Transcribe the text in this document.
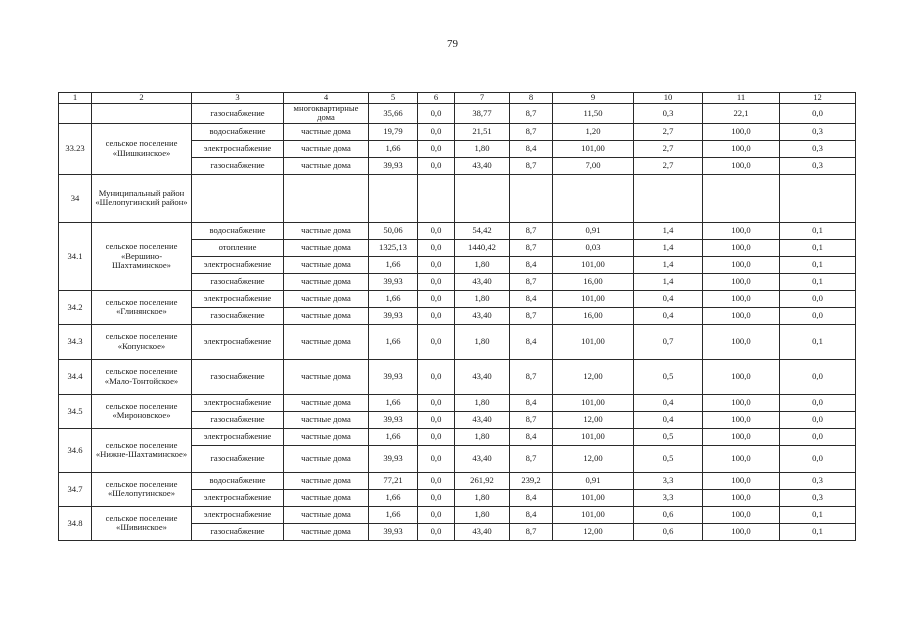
79
1	2	3	4	5	6	7	8	9	10	11	12
		газоснабжение	многоквартирные дома	35,66	0,0	38,77	8,7	11,50	0,3	22,1	0,0
33.23	сельское поселение «Шишкинское»	водоснабжение	частные дома	19,79	0,0	21,51	8,7	1,20	2,7	100,0	0,3
		электроснабжение	частные дома	1,66	0,0	1,80	8,4	101,00	2,7	100,0	0,3
		газоснабжение	частные дома	39,93	0,0	43,40	8,7	7,00	2,7	100,0	0,3
34	Муниципальный район «Шелопугинский район»										
34.1	сельское поселение «Вершино-Шахтаминское»	водоснабжение	частные дома	50,06	0,0	54,42	8,7	0,91	1,4	100,0	0,1
		отопление	частные дома	1325,13	0,0	1440,42	8,7	0,03	1,4	100,0	0,1
		электроснабжение	частные дома	1,66	0,0	1,80	8,4	101,00	1,4	100,0	0,1
		газоснабжение	частные дома	39,93	0,0	43,40	8,7	16,00	1,4	100,0	0,1
34.2	сельское поселение «Глинянское»	электроснабжение	частные дома	1,66	0,0	1,80	8,4	101,00	0,4	100,0	0,0
		газоснабжение	частные дома	39,93	0,0	43,40	8,7	16,00	0,4	100,0	0,0
34.3	сельское поселение «Копунское»	электроснабжение	частные дома	1,66	0,0	1,80	8,4	101,00	0,7	100,0	0,1
34.4	сельское поселение «Мало-Тонтойское»	газоснабжение	частные дома	39,93	0,0	43,40	8,7	12,00	0,5	100,0	0,0
34.5	сельское поселение «Мироновское»	электроснабжение	частные дома	1,66	0,0	1,80	8,4	101,00	0,4	100,0	0,0
		газоснабжение	частные дома	39,93	0,0	43,40	8,7	12,00	0,4	100,0	0,0
34.6	сельское поселение «Нижне-Шахтаминское»	электроснабжение	частные дома	1,66	0,0	1,80	8,4	101,00	0,5	100,0	0,0
		газоснабжение	частные дома	39,93	0,0	43,40	8,7	12,00	0,5	100,0	0,0
34.7	сельское поселение «Шелопугинское»	водоснабжение	частные дома	77,21	0,0	261,92	239,2	0,91	3,3	100,0	0,3
		электроснабжение	частные дома	1,66	0,0	1,80	8,4	101,00	3,3	100,0	0,3
34.8	сельское поселение «Шивинское»	электроснабжение	частные дома	1,66	0,0	1,80	8,4	101,00	0,6	100,0	0,1
		газоснабжение	частные дома	39,93	0,0	43,40	8,7	12,00	0,6	100,0	0,1
